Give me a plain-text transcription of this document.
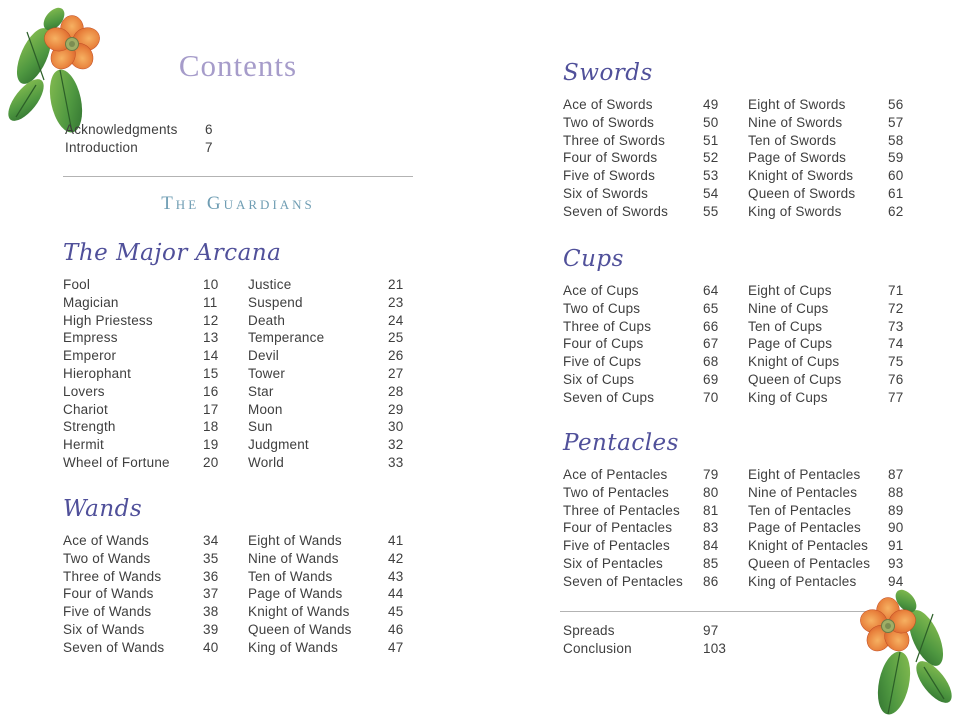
Contents
Acknowledgments	6
Introduction	7
The Guardians
The Major Arcana
Fool	10
Magician	11
High Priestess	12
Empress	13
Emperor	14
Hierophant	15
Lovers	16
Chariot	17
Strength	18
Hermit	19
Wheel of Fortune	20
Justice	21
Suspend	23
Death	24
Temperance	25
Devil	26
Tower	27
Star	28
Moon	29
Sun	30
Judgment	32
World	33
Wands
Ace of Wands	34
Two of Wands	35
Three of Wands	36
Four of Wands	37
Five of Wands	38
Six of Wands	39
Seven of Wands	40
Eight of Wands	41
Nine of Wands	42
Ten of Wands	43
Page of Wands	44
Knight of Wands	45
Queen of Wands	46
King of Wands	47
Swords
Ace of Swords	49
Two of Swords	50
Three of Swords	51
Four of Swords	52
Five of Swords	53
Six of Swords	54
Seven of Swords	55
Eight of Swords	56
Nine of Swords	57
Ten of Swords	58
Page of Swords	59
Knight of Swords	60
Queen of Swords	61
King of Swords	62
Cups
Ace of Cups	64
Two of Cups	65
Three of Cups	66
Four of Cups	67
Five of Cups	68
Six of Cups	69
Seven of Cups	70
Eight of Cups	71
Nine of Cups	72
Ten of Cups	73
Page of Cups	74
Knight of Cups	75
Queen of Cups	76
King of Cups	77
Pentacles
Ace of Pentacles	79
Two of Pentacles	80
Three of Pentacles	81
Four of Pentacles	83
Five of Pentacles	84
Six of Pentacles	85
Seven of Pentacles	86
Eight of Pentacles	87
Nine of Pentacles	88
Ten of Pentacles	89
Page of Pentacles	90
Knight of Pentacles	91
Queen of Pentacles	93
King of Pentacles	94
Spreads	97
Conclusion	103
